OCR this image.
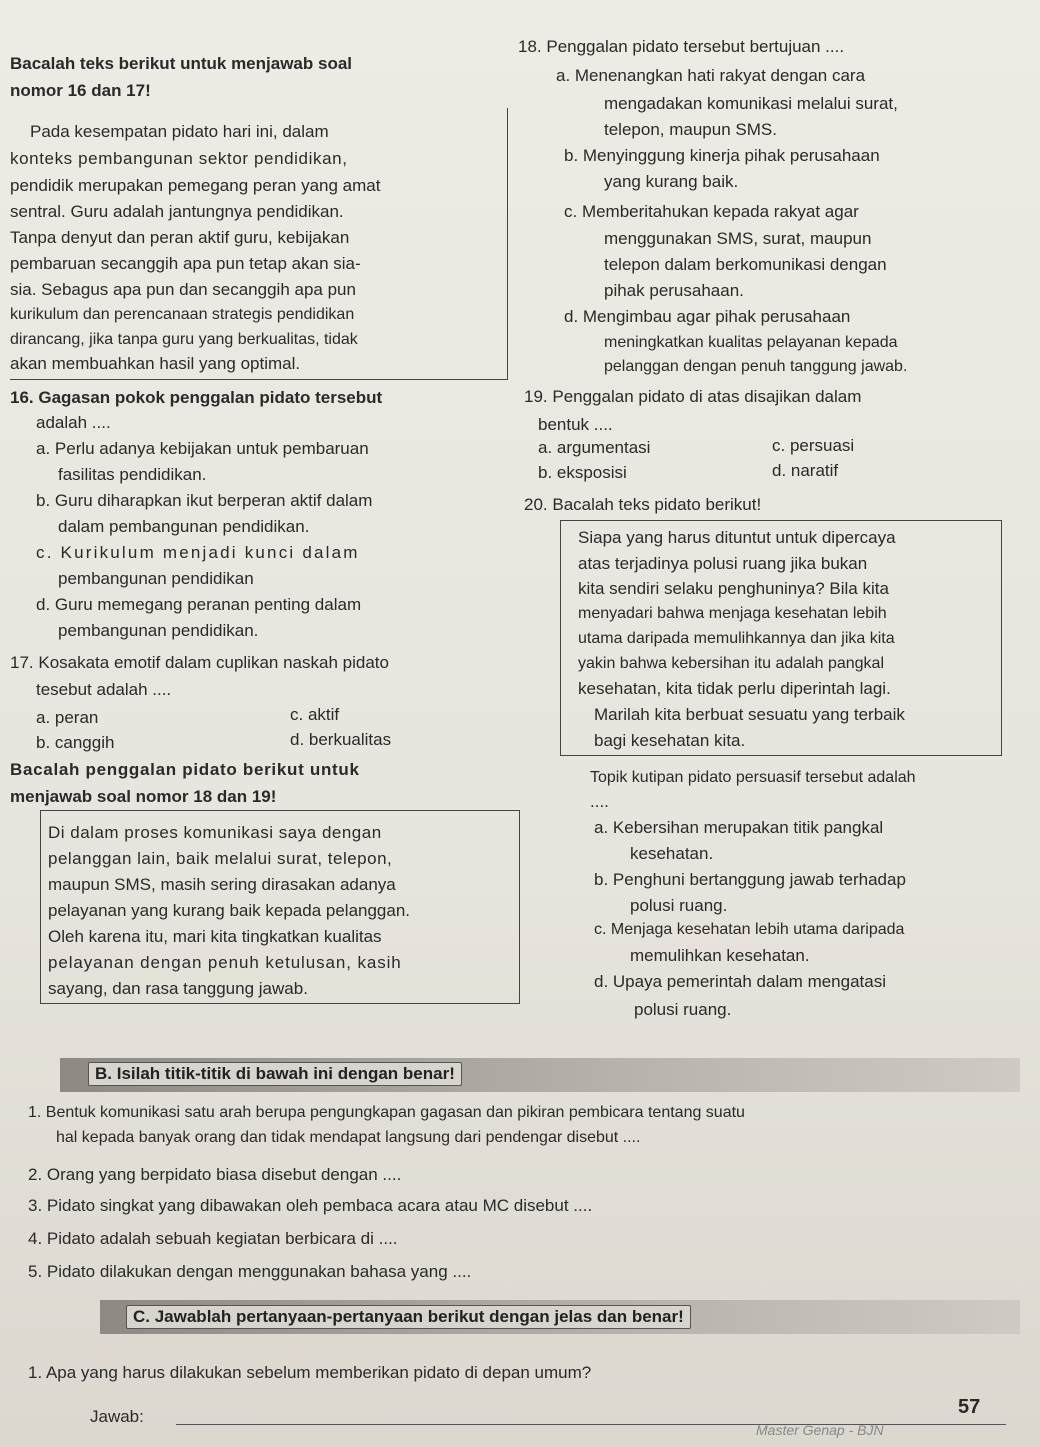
Bacalah teks berikut untuk menjawab soal
nomor 16 dan 17!
Pada kesempatan pidato hari ini, dalam
konteks pembangunan sektor pendidikan,
pendidik merupakan pemegang peran yang amat
sentral. Guru adalah jantungnya pendidikan.
Tanpa denyut dan peran aktif guru, kebijakan
pembaruan secanggih apa pun tetap akan sia-
sia. Sebagus apa pun dan secanggih apa pun
kurikulum dan perencanaan strategis pendidikan
dirancang, jika tanpa guru yang berkualitas, tidak
akan membuahkan hasil yang optimal.
16. Gagasan pokok penggalan pidato tersebut
adalah ....
a. Perlu adanya kebijakan untuk pembaruan
fasilitas pendidikan.
b. Guru diharapkan ikut berperan aktif dalam
dalam pembangunan pendidikan.
c. Kurikulum menjadi kunci dalam
pembangunan pendidikan
d. Guru memegang peranan penting dalam
pembangunan pendidikan.
17. Kosakata emotif dalam cuplikan naskah pidato
tesebut adalah ....
a. peran	c. aktif
b. canggih	d. berkualitas
Bacalah penggalan pidato berikut untuk
menjawab soal nomor 18 dan 19!
Di dalam proses komunikasi saya dengan
pelanggan lain, baik melalui surat, telepon,
maupun SMS, masih sering dirasakan adanya
pelayanan yang kurang baik kepada pelanggan.
Oleh karena itu, mari kita tingkatkan kualitas
pelayanan dengan penuh ketulusan, kasih
sayang, dan rasa tanggung jawab.
18. Penggalan pidato tersebut bertujuan ....
a. Menenangkan hati rakyat dengan cara
mengadakan komunikasi melalui surat,
telepon, maupun SMS.
b. Menyinggung kinerja pihak perusahaan
yang kurang baik.
c. Memberitahukan kepada rakyat agar
menggunakan SMS, surat, maupun
telepon dalam berkomunikasi dengan
pihak perusahaan.
d. Mengimbau agar pihak perusahaan
meningkatkan kualitas pelayanan kepada
pelanggan dengan penuh tanggung jawab.
19. Penggalan pidato di atas disajikan dalam
bentuk ....
a. argumentasi	c. persuasi
b. eksposisi	d. naratif
20. Bacalah teks pidato berikut!
Siapa yang harus dituntut untuk dipercaya
atas terjadinya polusi ruang jika bukan
kita sendiri selaku penghuninya? Bila kita
menyadari bahwa menjaga kesehatan lebih
utama daripada memulihkannya dan jika kita
yakin bahwa kebersihan itu adalah pangkal
kesehatan, kita tidak perlu diperintah lagi.
Marilah kita berbuat sesuatu yang terbaik
bagi kesehatan kita.
Topik kutipan pidato persuasif tersebut adalah
....
a. Kebersihan merupakan titik pangkal
kesehatan.
b. Penghuni bertanggung jawab terhadap
polusi ruang.
c. Menjaga kesehatan lebih utama daripada
memulihkan kesehatan.
d. Upaya pemerintah dalam mengatasi
polusi ruang.
B. Isilah titik-titik di bawah ini dengan benar!
1. Bentuk komunikasi satu arah berupa pengungkapan gagasan dan pikiran pembicara tentang suatu
hal kepada banyak orang dan tidak mendapat langsung dari pendengar disebut ....
2. Orang yang berpidato biasa disebut dengan ....
3. Pidato singkat yang dibawakan oleh pembaca acara atau MC disebut ....
4. Pidato adalah sebuah kegiatan berbicara di ....
5. Pidato dilakukan dengan menggunakan bahasa yang ....
C. Jawablah pertanyaan-pertanyaan berikut dengan jelas dan benar!
1. Apa yang harus dilakukan sebelum memberikan pidato di depan umum?
Jawab:	57
Master Genap - BJN
